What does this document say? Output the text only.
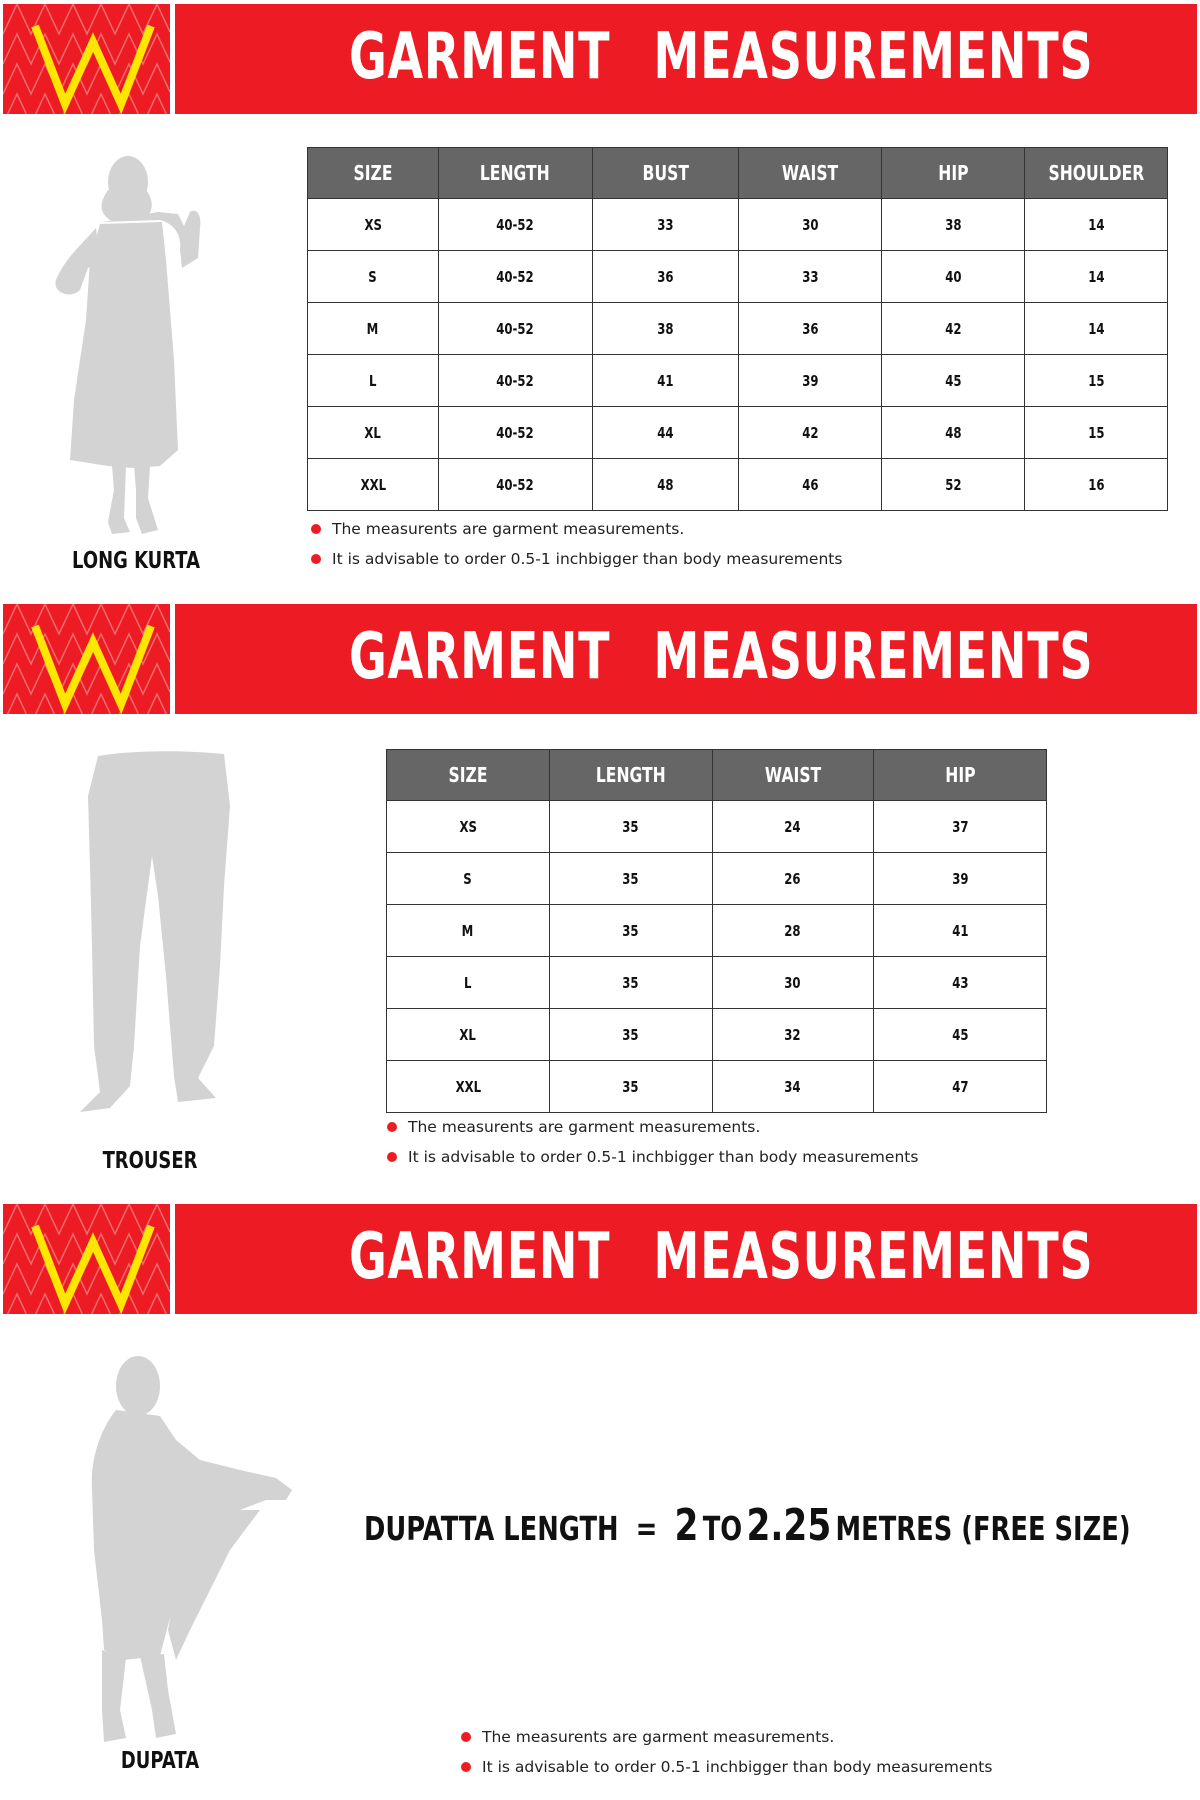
GARMENT MEASUREMENTS
LONG KURTA
SIZE	LENGTH	BUST	WAIST	HIP	SHOULDER
XS	40-52	33	30	38	14
S	40-52	36	33	40	14
M	40-52	38	36	42	14
L	40-52	41	39	45	15
XL	40-52	44	42	48	15
XXL	40-52	48	46	52	16
The measurents are garment measurements.
It is advisable to order 0.5-1 inchbigger than body measurements
GARMENT MEASUREMENTS
TROUSER
SIZE	LENGTH	WAIST	HIP
XS	35	24	37
S	35	26	39
M	35	28	41
L	35	30	43
XL	35	32	45
XXL	35	34	47
The measurents are garment measurements.
It is advisable to order 0.5-1 inchbigger than body measurements
GARMENT MEASUREMENTS
DUPATA
DUPATTA LENGTH = 2 TO 2.25 METRES (FREE SIZE)
The measurents are garment measurements.
It is advisable to order 0.5-1 inchbigger than body measurements
